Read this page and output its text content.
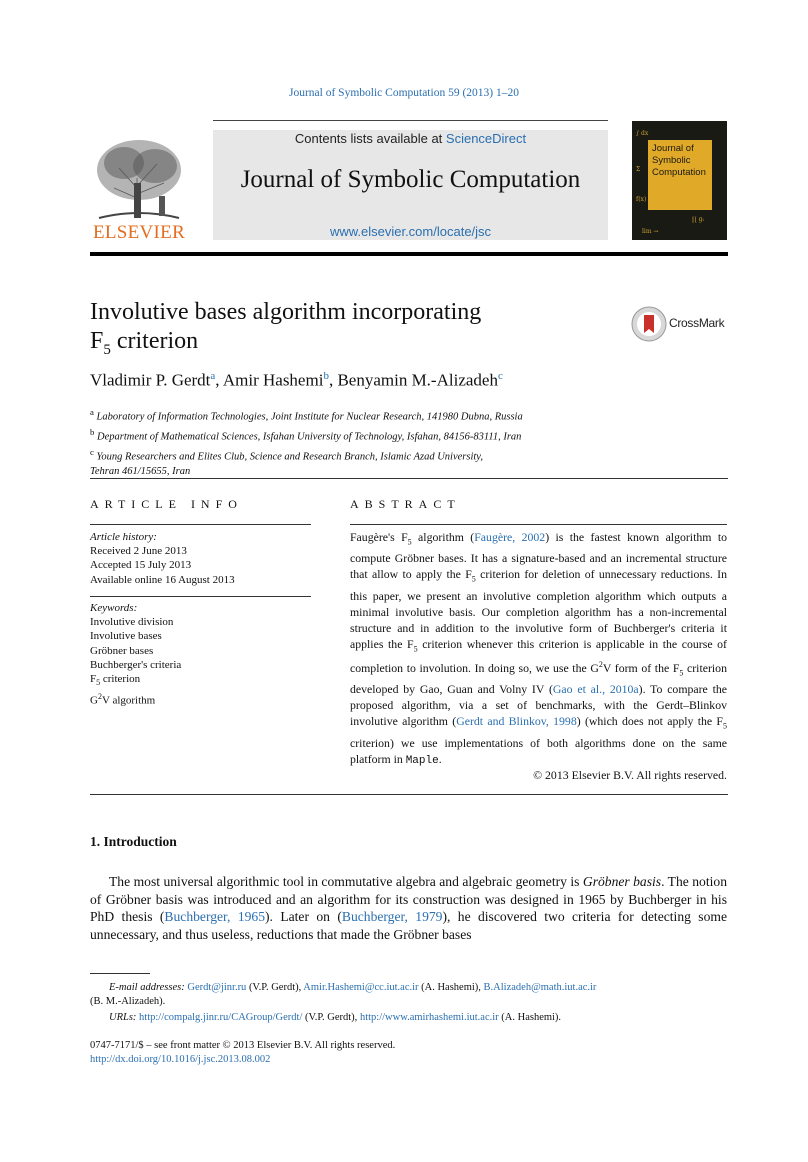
Journal of Symbolic Computation 59 (2013) 1–20
ELSEVIER
Contents lists available at ScienceDirect
Journal of Symbolic Computation
www.elsevier.com/locate/jsc
∫ dx
Σ
f(x)
∏ gᵢ
lim →
Journal of
Symbolic
Computation
Involutive bases algorithm incorporating
$F_5$ criterion
CrossMark
Vladimir P. Gerdt$^a$, Amir Hashemi$^b$, Benyamin M.-Alizadeh$^c$
$^a$ Laboratory of Information Technologies, Joint Institute for Nuclear Research, 141980 Dubna, Russia
$^b$ Department of Mathematical Sciences, Isfahan University of Technology, Isfahan, 84156-83111, Iran
$^c$ Young Researchers and Elites Club, Science and Research Branch, Islamic Azad University,
Tehran 461/15655, Iran
ARTICLE INFO
Article history:
Received 2 June 2013
Accepted 15 July 2013
Available online 16 August 2013
Keywords:
Involutive division
Involutive bases
Gröbner bases
Buchberger's criteria
$F_5$ criterion
$G^2V$ algorithm
ABSTRACT
Faugère's $F_5$ algorithm (Faugère, 2002) is the fastest known algorithm to compute Gröbner bases. It has a signature-based and an incremental structure that allow to apply the $F_5$ criterion for deletion of unnecessary reductions. In this paper, we present an involutive completion algorithm which outputs a minimal involutive basis. Our completion algorithm has a non-incremental structure and in addition to the involutive form of Buchberger's criteria it applies the $F_5$ criterion whenever this criterion is applicable in the course of completion to involution. In doing so, we use the $G^2V$ form of the $F_5$ criterion developed by Gao, Guan and Volny IV (Gao et al., 2010a). To compare the proposed algorithm, via a set of benchmarks, with the Gerdt–Blinkov involutive algorithm (Gerdt and Blinkov, 1998) (which does not apply the $F_5$ criterion) we use implementations of both algorithms done on the same platform in Maple.
© 2013 Elsevier B.V. All rights reserved.
1. Introduction
The most universal algorithmic tool in commutative algebra and algebraic geometry is Gröbner basis. The notion of Gröbner basis was introduced and an algorithm for its construction was designed in 1965 by Buchberger in his PhD thesis (Buchberger, 1965). Later on (Buchberger, 1979), he discovered two criteria for detecting some unnecessary, and thus useless, reductions that made the Gröbner bases
E-mail addresses: Gerdt@jinr.ru (V.P. Gerdt), Amir.Hashemi@cc.iut.ac.ir (A. Hashemi), B.Alizadeh@math.iut.ac.ir
(B. M.-Alizadeh).
URLs: http://compalg.jinr.ru/CAGroup/Gerdt/ (V.P. Gerdt), http://www.amirhashemi.iut.ac.ir (A. Hashemi).
0747-7171/$ – see front matter © 2013 Elsevier B.V. All rights reserved.
http://dx.doi.org/10.1016/j.jsc.2013.08.002
